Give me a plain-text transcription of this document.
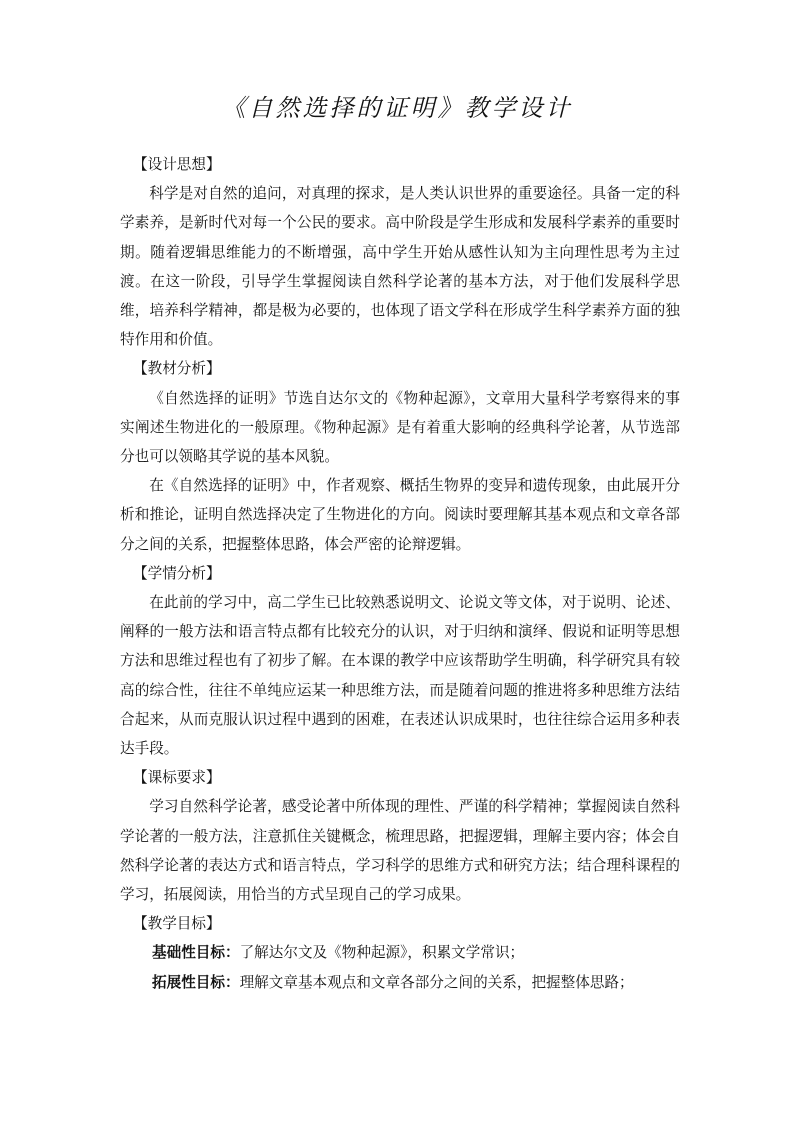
《自然选择的证明》教学设计
【设计思想】

科学是对自然的追问，对真理的探求，是人类认识世界的重要途径。具备一定的科学素养，是新时代对每一个公民的要求。高中阶段是学生形成和发展科学素养的重要时期。随着逻辑思维能力的不断增强，高中学生开始从感性认知为主向理性思考为主过渡。在这一阶段，引导学生掌握阅读自然科学论著的基本方法，对于他们发展科学思维，培养科学精神，都是极为必要的，也体现了语文学科在形成学生科学素养方面的独特作用和价值。

【教材分析】

《自然选择的证明》节选自达尔文的《物种起源》，文章用大量科学考察得来的事实阐述生物进化的一般原理。《物种起源》是有着重大影响的经典科学论著，从节选部分也可以领略其学说的基本风貌。

在《自然选择的证明》中，作者观察、概括生物界的变异和遗传现象，由此展开分析和推论，证明自然选择决定了生物进化的方向。阅读时要理解其基本观点和文章各部分之间的关系，把握整体思路，体会严密的论辩逻辑。

【学情分析】

在此前的学习中，高二学生已比较熟悉说明文、论说文等文体，对于说明、论述、阐释的一般方法和语言特点都有比较充分的认识，对于归纳和演绎、假说和证明等思想方法和思维过程也有了初步了解。在本课的教学中应该帮助学生明确，科学研究具有较高的综合性，往往不单纯应运某一种思维方法，而是随着问题的推进将多种思维方法结合起来，从而克服认识过程中遇到的困难，在表述认识成果时，也往往综合运用多种表达手段。

【课标要求】

学习自然科学论著，感受论著中所体现的理性、严谨的科学精神；掌握阅读自然科学论著的一般方法，注意抓住关键概念，梳理思路，把握逻辑，理解主要内容；体会自然科学论著的表达方式和语言特点，学习科学的思维方式和研究方法；结合理科课程的学习，拓展阅读，用恰当的方式呈现自己的学习成果。

【教学目标】

基础性目标：了解达尔文及《物种起源》，积累文学常识；

拓展性目标：理解文章基本观点和文章各部分之间的关系，把握整体思路；
